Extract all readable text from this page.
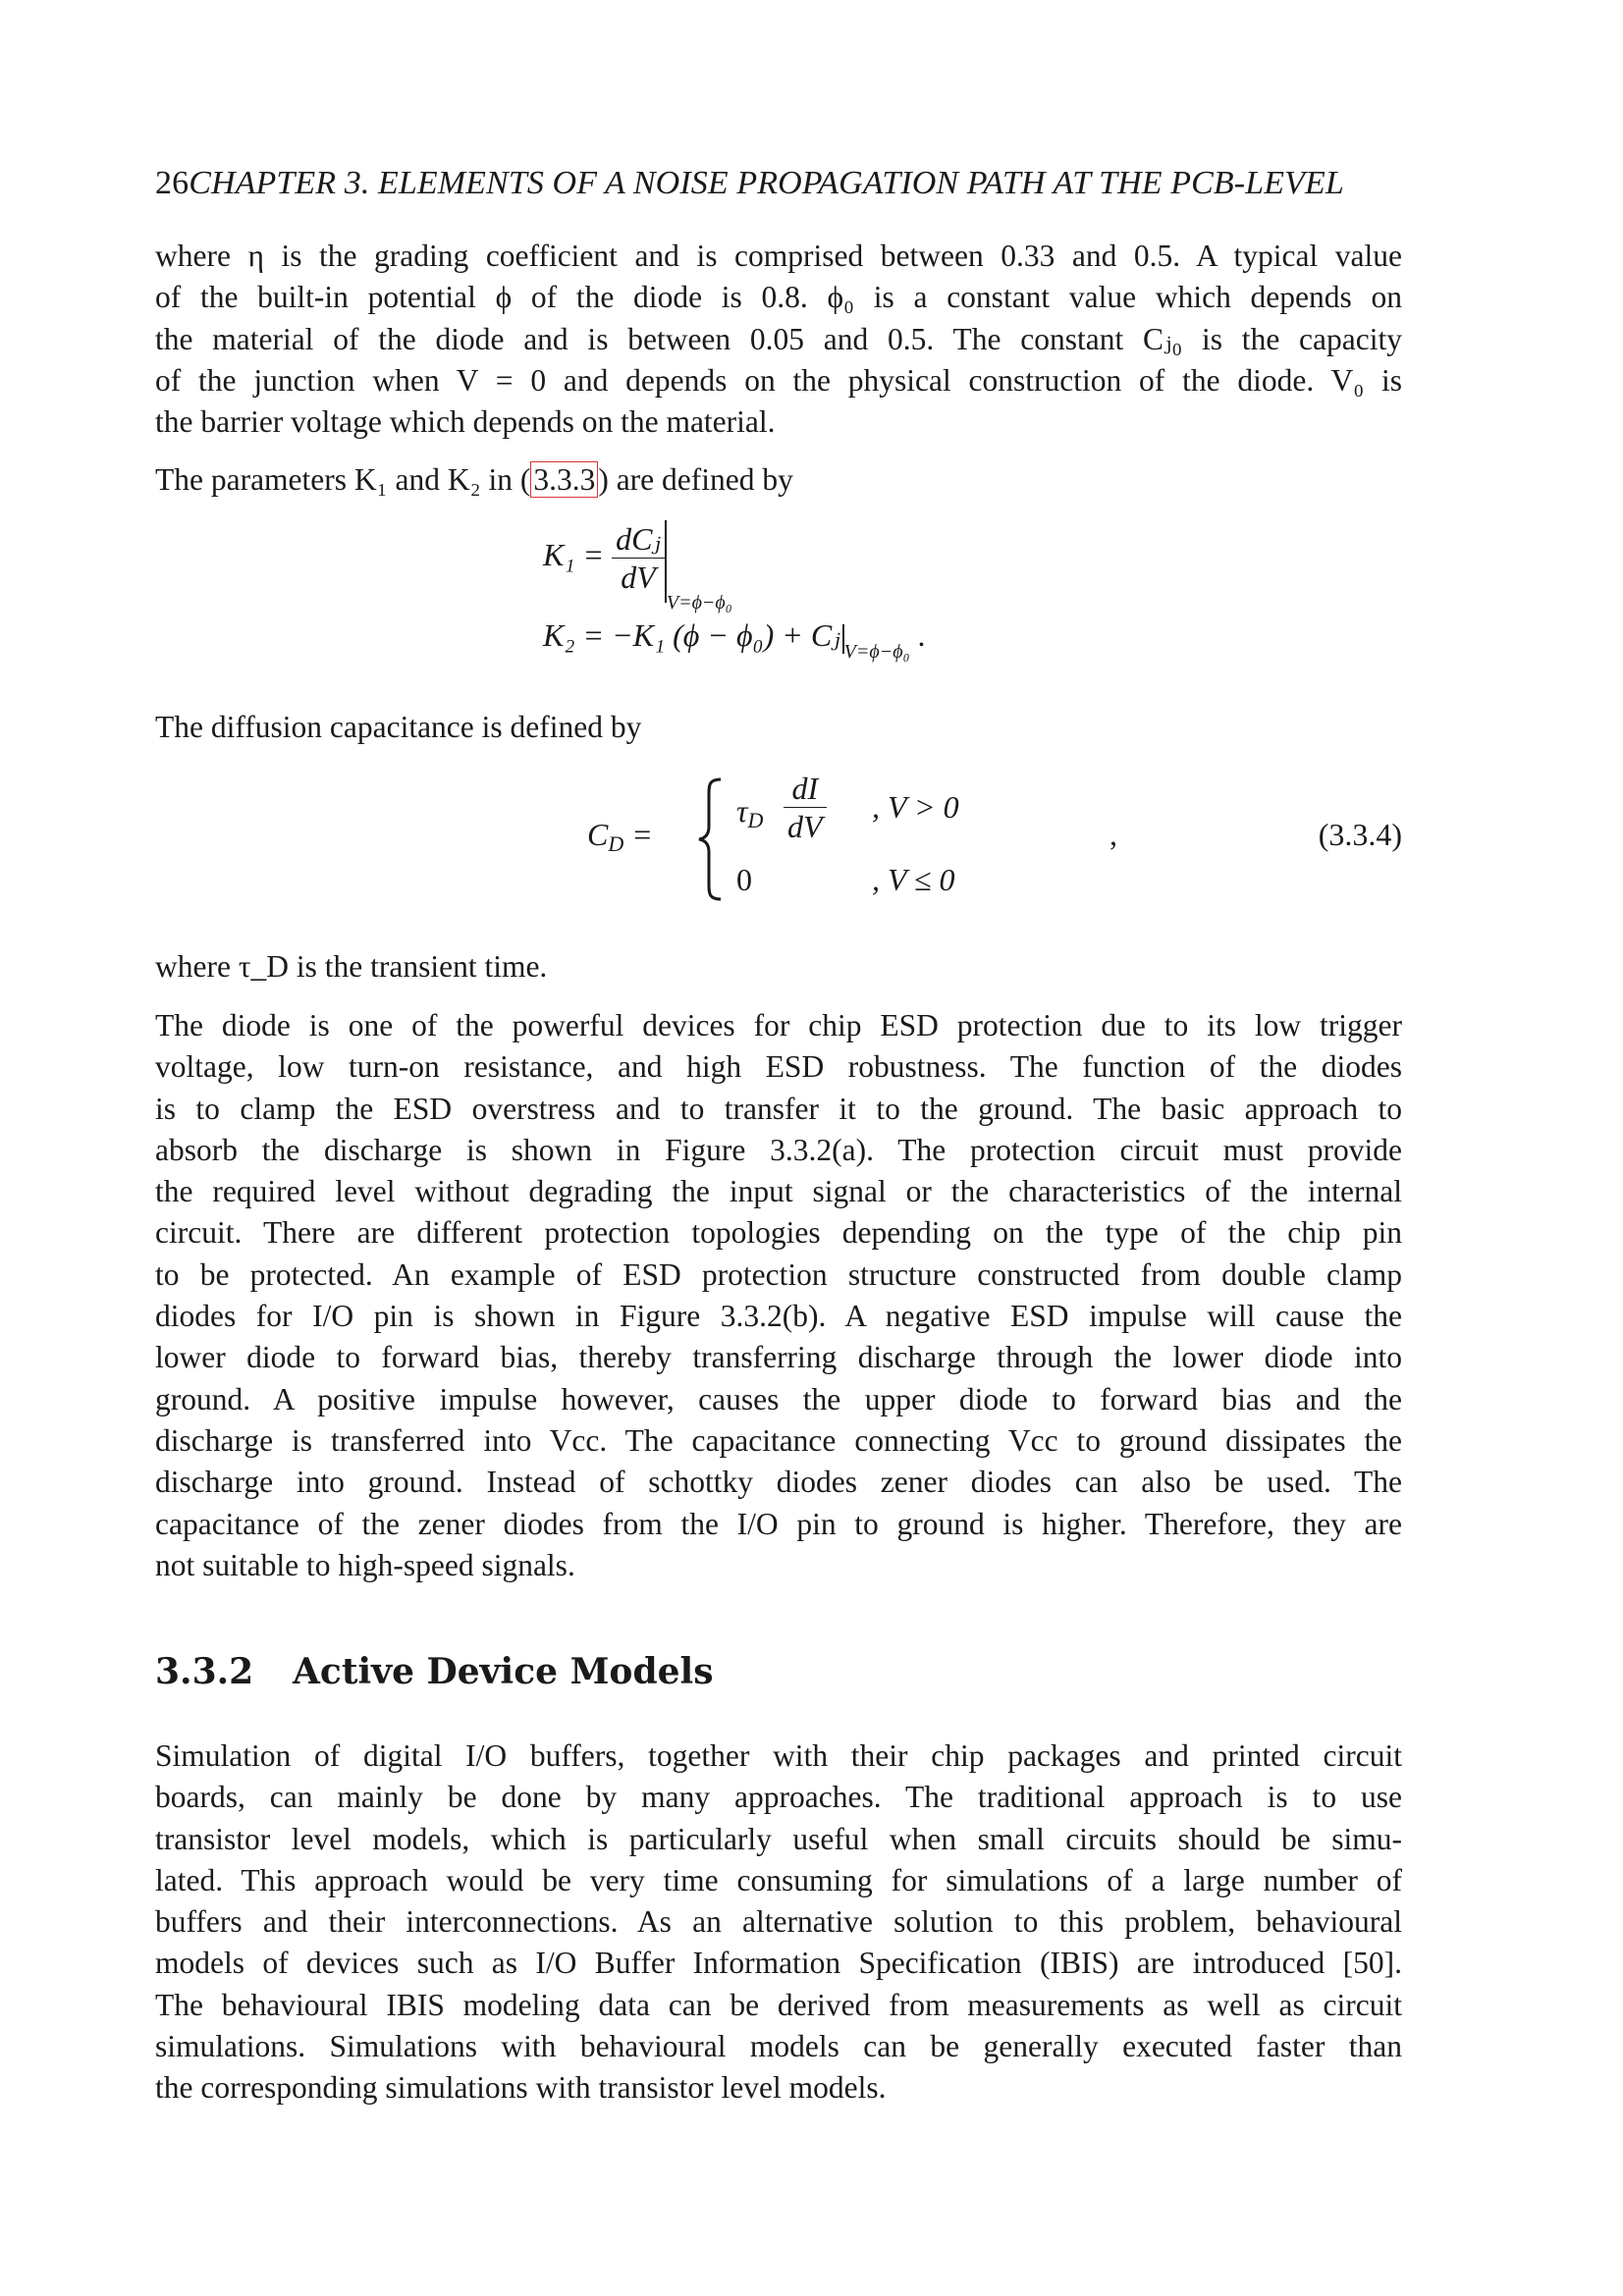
26CHAPTER 3. ELEMENTS OF A NOISE PROPAGATION PATH AT THE PCB-LEVEL
where η is the grading coefficient and is comprised between 0.33 and 0.5. A typical value
of the built-in potential ϕ of the diode is 0.8. ϕ₀ is a constant value which depends on
the material of the diode and is between 0.05 and 0.5. The constant Cⱼ₀ is the capacity
of the junction when V = 0 and depends on the physical construction of the diode. V₀ is
the barrier voltage which depends on the material.
The parameters K₁ and K₂ in (3.3.3) are defined by
$K_1 = \frac{\text{dCⱼ}}{dV}$
$_{V=\phi-\phi_0}$
K₂ = −K₁ (ϕ − ϕ₀) + Cⱼ $_{V=\phi-\phi_0}$ .
The diffusion capacitance is defined by
$C_D$ =
$\tau_D \frac{dI}{dV}$ , V > 0
0	, V ≤ 0
,	(3.3.4)
where τ_D is the transient time.
The diode is one of the powerful devices for chip ESD protection due to its low trigger
voltage, low turn-on resistance, and high ESD robustness. The function of the diodes
is to clamp the ESD overstress and to transfer it to the ground. The basic approach to
absorb the discharge is shown in Figure 3.3.2(a). The protection circuit must provide
the required level without degrading the input signal or the characteristics of the internal
circuit. There are different protection topologies depending on the type of the chip pin
to be protected. An example of ESD protection structure constructed from double clamp
diodes for I/O pin is shown in Figure 3.3.2(b). A negative ESD impulse will cause the
lower diode to forward bias, thereby transferring discharge through the lower diode into
ground. A positive impulse however, causes the upper diode to forward bias and the
discharge is transferred into Vcc. The capacitance connecting Vcc to ground dissipates the
discharge into ground. Instead of schottky diodes zener diodes can also be used. The
capacitance of the zener diodes from the I/O pin to ground is higher. Therefore, they are
not suitable to high-speed signals.
3.3.2 Active Device Models
Simulation of digital I/O buffers, together with their chip packages and printed circuit
boards, can mainly be done by many approaches. The traditional approach is to use
transistor level models, which is particularly useful when small circuits should be simu-
lated. This approach would be very time consuming for simulations of a large number of
buffers and their interconnections. As an alternative solution to this problem, behavioural
models of devices such as I/O Buffer Information Specification (IBIS) are introduced [50].
The behavioural IBIS modeling data can be derived from measurements as well as circuit
simulations. Simulations with behavioural models can be generally executed faster than
the corresponding simulations with transistor level models.
